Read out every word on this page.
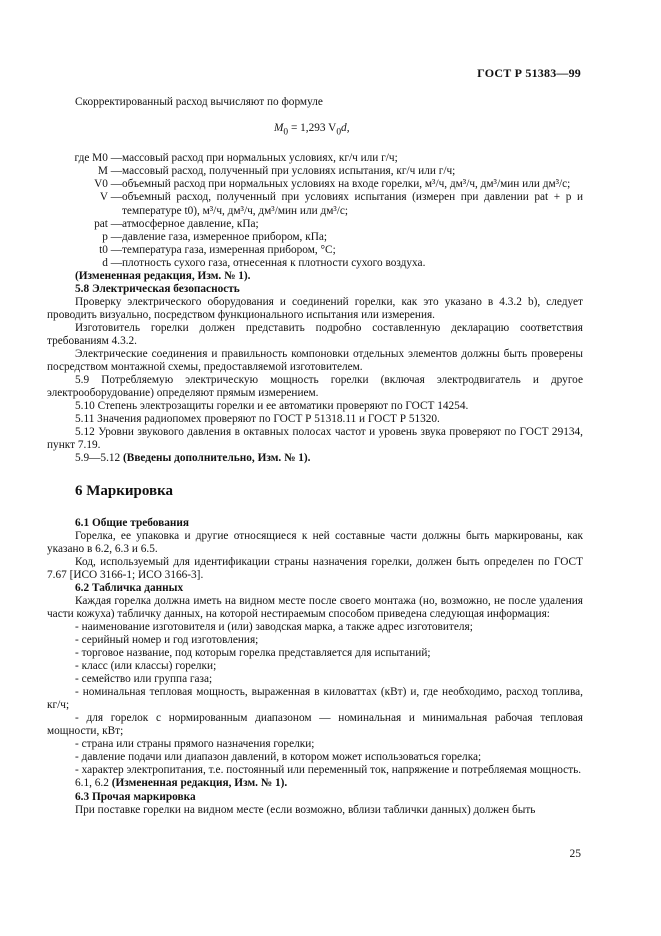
ГОСТ Р 51383—99

Скорректированный расход вычисляют по формуле

$M_0 = 1,293$ $V_0d$,

где M0 —	массовый расход при нормальных условиях, кг/ч или г/ч;
M —	массовый расход, полученный при условиях испытания, кг/ч или г/ч;
V0 —	объемный расход при нормальных условиях на входе горелки, м³/ч, дм³/ч, дм³/мин или дм³/с;
V —	объемный расход, полученный при условиях испытания (измерен при давлении pat + p и температуре t0), м³/ч, дм³/ч, дм³/мин или дм³/с;
pat —	атмосферное давление, кПа;
p —	давление газа, измеренное прибором, кПа;
t0 —	температура газа, измеренная прибором, °С;
d —	плотность сухого газа, отнесенная к плотности сухого воздуха.

(Измененная редакция, Изм. № 1).

5.8 Электрическая безопасность

Проверку электрического оборудования и соединений горелки, как это указано в 4.3.2 b), следует проводить визуально, посредством функционального испытания или измерения.

Изготовитель горелки должен представить подробно составленную декларацию соответствия требованиям 4.3.2.

Электрические соединения и правильность компоновки отдельных элементов должны быть проверены посредством монтажной схемы, предоставляемой изготовителем.

5.9 Потребляемую электрическую мощность горелки (включая электродвигатель и другое электрооборудование) определяют прямым измерением.

5.10 Степень электрозащиты горелки и ее автоматики проверяют по ГОСТ 14254.

5.11 Значения радиопомех проверяют по ГОСТ Р 51318.11 и ГОСТ Р 51320.

5.12 Уровни звукового давления в октавных полосах частот и уровень звука проверяют по ГОСТ 29134, пункт 7.19.

5.9—5.12 (Введены дополнительно, Изм. № 1).

6 Маркировка

6.1 Общие требования

Горелка, ее упаковка и другие относящиеся к ней составные части должны быть маркированы, как указано в 6.2, 6.3 и 6.5.

Код, используемый для идентификации страны назначения горелки, должен быть определен по ГОСТ 7.67 [ИСО 3166-1; ИСО 3166-3].

6.2 Табличка данных

Каждая горелка должна иметь на видном месте после своего монтажа (но, возможно, не после удаления части кожуха) табличку данных, на которой нестираемым способом приведена следующая информация:

- наименование изготовителя и (или) заводская марка, а также адрес изготовителя;

- серийный номер и год изготовления;

- торговое название, под которым горелка представляется для испытаний;

- класс (или классы) горелки;

- семейство или группа газа;

- номинальная тепловая мощность, выраженная в киловаттах (кВт) и, где необходимо, расход топлива, кг/ч;

- для горелок с нормированным диапазоном — номинальная и минимальная рабочая тепловая мощности, кВт;

- страна или страны прямого назначения горелки;

- давление подачи или диапазон давлений, в котором может использоваться горелка;

- характер электропитания, т.е. постоянный или переменный ток, напряжение и потребляемая мощность.

6.1, 6.2 (Измененная редакция, Изм. № 1).

6.3 Прочая маркировка

При поставке горелки на видном месте (если возможно, вблизи таблички данных) должен быть

25
